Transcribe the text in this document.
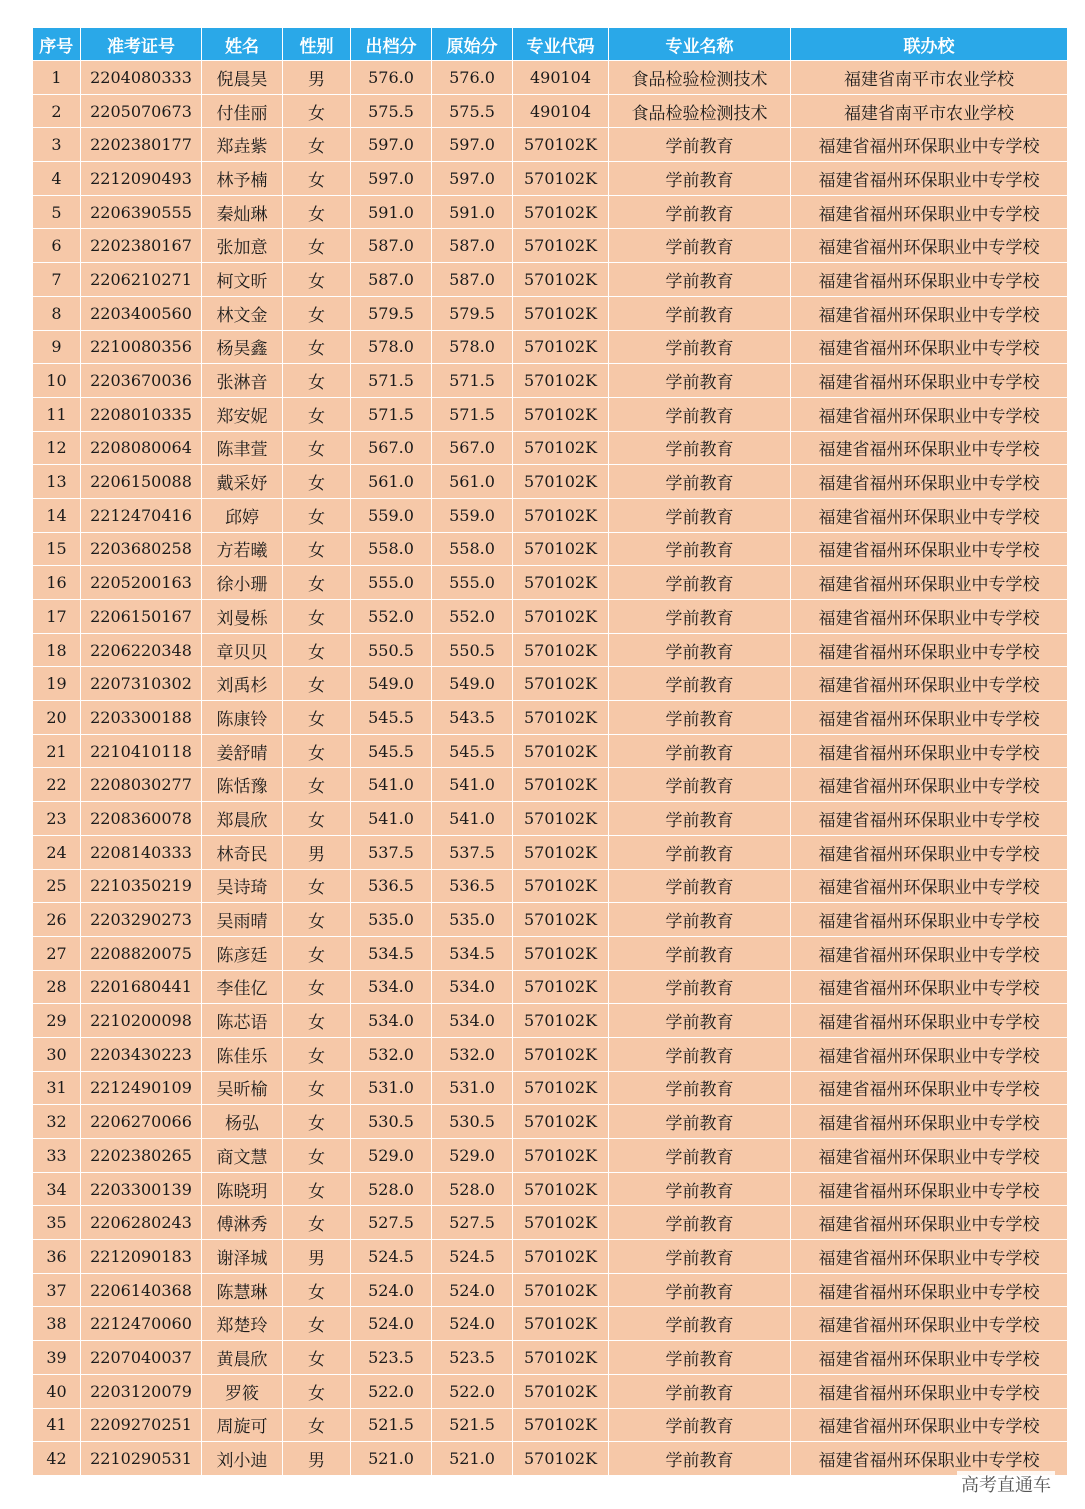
序号	准考证号	姓名	性别	出档分	原始分	专业代码	专业名称	联办校
1	2204080333	倪晨昊	男	576.0	576.0	490104	食品检验检测技术	福建省南平市农业学校
2	2205070673	付佳丽	女	575.5	575.5	490104	食品检验检测技术	福建省南平市农业学校
3	2202380177	郑垚紫	女	597.0	597.0	570102K	学前教育	福建省福州环保职业中专学校
4	2212090493	林予楠	女	597.0	597.0	570102K	学前教育	福建省福州环保职业中专学校
5	2206390555	秦灿琳	女	591.0	591.0	570102K	学前教育	福建省福州环保职业中专学校
6	2202380167	张加意	女	587.0	587.0	570102K	学前教育	福建省福州环保职业中专学校
7	2206210271	柯文昕	女	587.0	587.0	570102K	学前教育	福建省福州环保职业中专学校
8	2203400560	林文金	女	579.5	579.5	570102K	学前教育	福建省福州环保职业中专学校
9	2210080356	杨昊鑫	女	578.0	578.0	570102K	学前教育	福建省福州环保职业中专学校
10	2203670036	张淋音	女	571.5	571.5	570102K	学前教育	福建省福州环保职业中专学校
11	2208010335	郑安妮	女	571.5	571.5	570102K	学前教育	福建省福州环保职业中专学校
12	2208080064	陈聿萱	女	567.0	567.0	570102K	学前教育	福建省福州环保职业中专学校
13	2206150088	戴采妤	女	561.0	561.0	570102K	学前教育	福建省福州环保职业中专学校
14	2212470416	邱婷	女	559.0	559.0	570102K	学前教育	福建省福州环保职业中专学校
15	2203680258	方若曦	女	558.0	558.0	570102K	学前教育	福建省福州环保职业中专学校
16	2205200163	徐小珊	女	555.0	555.0	570102K	学前教育	福建省福州环保职业中专学校
17	2206150167	刘曼栎	女	552.0	552.0	570102K	学前教育	福建省福州环保职业中专学校
18	2206220348	章贝贝	女	550.5	550.5	570102K	学前教育	福建省福州环保职业中专学校
19	2207310302	刘禹杉	女	549.0	549.0	570102K	学前教育	福建省福州环保职业中专学校
20	2203300188	陈康铃	女	545.5	543.5	570102K	学前教育	福建省福州环保职业中专学校
21	2210410118	姜舒晴	女	545.5	545.5	570102K	学前教育	福建省福州环保职业中专学校
22	2208030277	陈恬豫	女	541.0	541.0	570102K	学前教育	福建省福州环保职业中专学校
23	2208360078	郑晨欣	女	541.0	541.0	570102K	学前教育	福建省福州环保职业中专学校
24	2208140333	林奇民	男	537.5	537.5	570102K	学前教育	福建省福州环保职业中专学校
25	2210350219	吴诗琦	女	536.5	536.5	570102K	学前教育	福建省福州环保职业中专学校
26	2203290273	吴雨晴	女	535.0	535.0	570102K	学前教育	福建省福州环保职业中专学校
27	2208820075	陈彦廷	女	534.5	534.5	570102K	学前教育	福建省福州环保职业中专学校
28	2201680441	李佳亿	女	534.0	534.0	570102K	学前教育	福建省福州环保职业中专学校
29	2210200098	陈芯语	女	534.0	534.0	570102K	学前教育	福建省福州环保职业中专学校
30	2203430223	陈佳乐	女	532.0	532.0	570102K	学前教育	福建省福州环保职业中专学校
31	2212490109	吴昕榆	女	531.0	531.0	570102K	学前教育	福建省福州环保职业中专学校
32	2206270066	杨弘	女	530.5	530.5	570102K	学前教育	福建省福州环保职业中专学校
33	2202380265	商文慧	女	529.0	529.0	570102K	学前教育	福建省福州环保职业中专学校
34	2203300139	陈晓玥	女	528.0	528.0	570102K	学前教育	福建省福州环保职业中专学校
35	2206280243	傅淋秀	女	527.5	527.5	570102K	学前教育	福建省福州环保职业中专学校
36	2212090183	谢泽城	男	524.5	524.5	570102K	学前教育	福建省福州环保职业中专学校
37	2206140368	陈慧琳	女	524.0	524.0	570102K	学前教育	福建省福州环保职业中专学校
38	2212470060	郑楚玲	女	524.0	524.0	570102K	学前教育	福建省福州环保职业中专学校
39	2207040037	黄晨欣	女	523.5	523.5	570102K	学前教育	福建省福州环保职业中专学校
40	2203120079	罗筱	女	522.0	522.0	570102K	学前教育	福建省福州环保职业中专学校
41	2209270251	周旋可	女	521.5	521.5	570102K	学前教育	福建省福州环保职业中专学校
42	2210290531	刘小迪	男	521.0	521.0	570102K	学前教育	福建省福州环保职业中专学校
高考直通车
